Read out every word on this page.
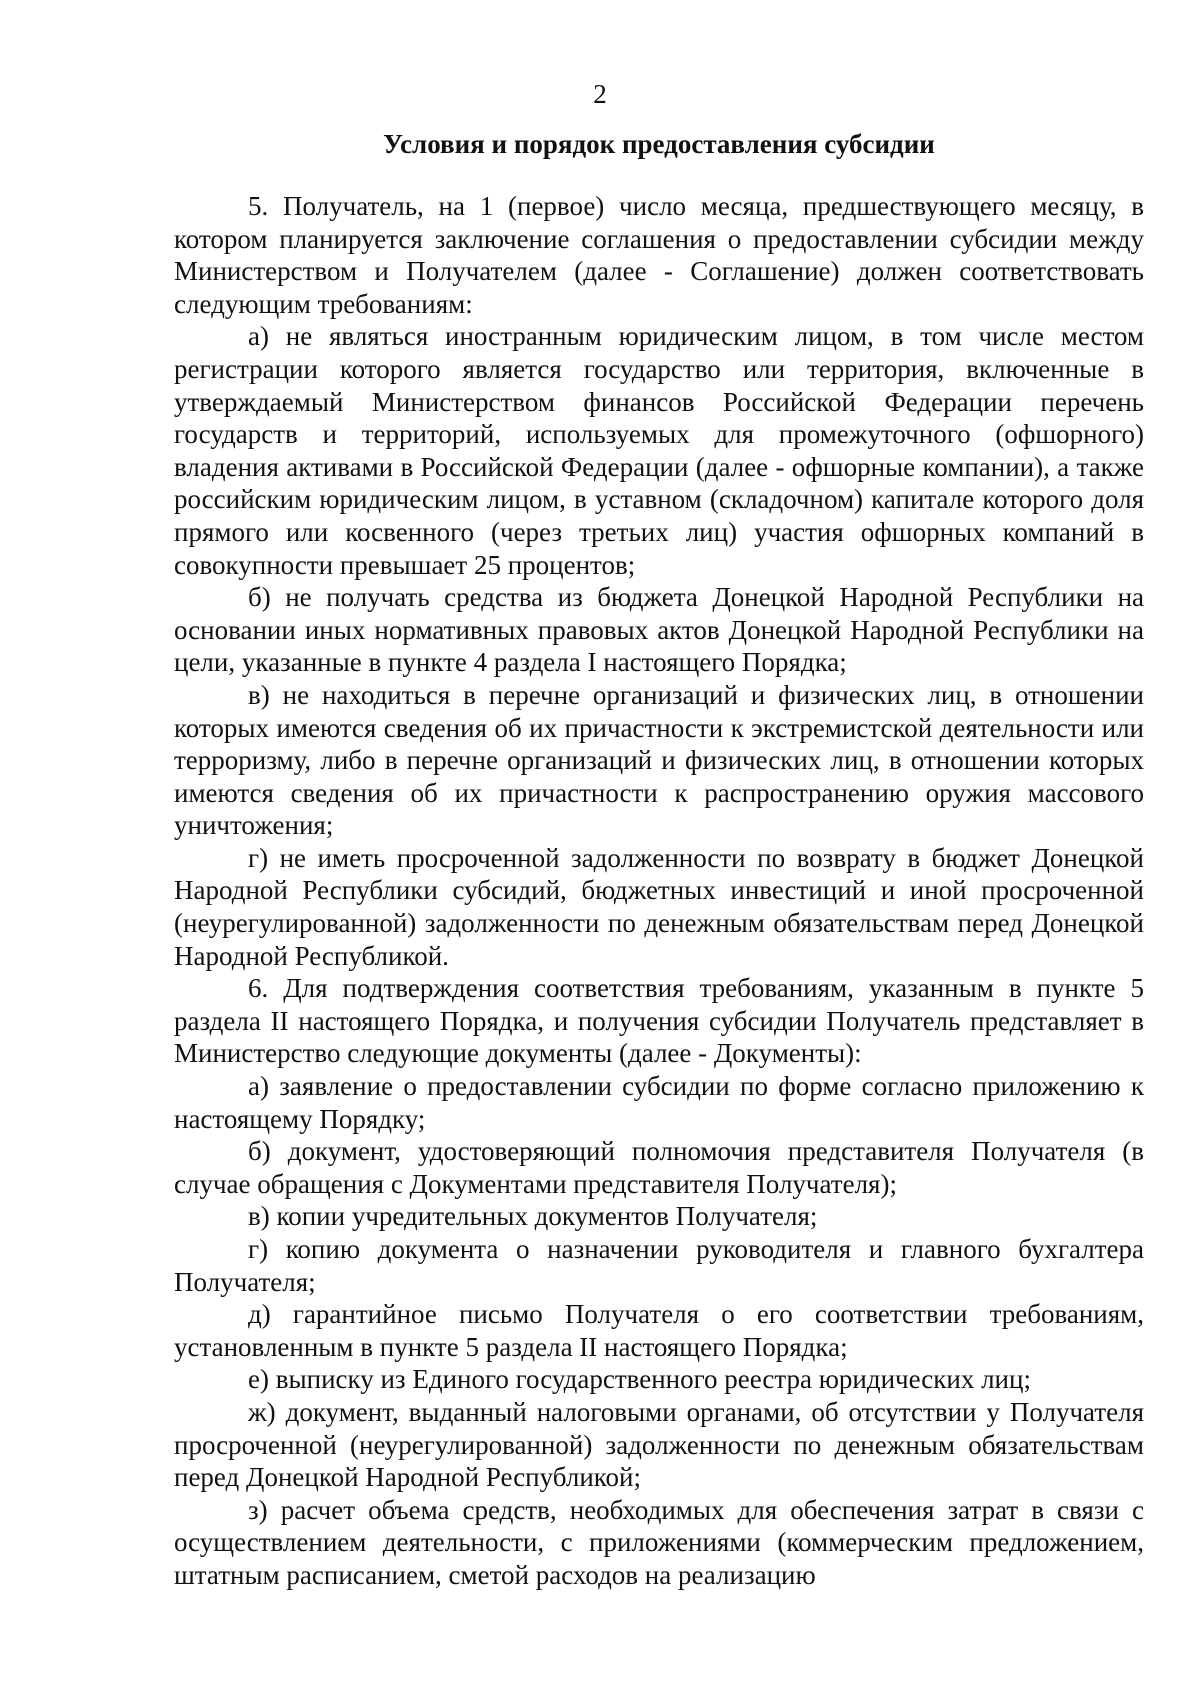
2
Условия и порядок предоставления субсидии

5. Получатель, на 1 (первое) число месяца, предшествующего месяцу, в котором планируется заключение соглашения о предоставлении субсидии между Министерством и Получателем (далее - Соглашение) должен соответствовать следующим требованиям:

а) не являться иностранным юридическим лицом, в том числе местом регистрации которого является государство или территория, включенные в утверждаемый Министерством финансов Российской Федерации перечень государств и территорий, используемых для промежуточного (офшорного) владения активами в Российской Федерации (далее - офшорные компании), а также российским юридическим лицом, в уставном (складочном) капитале которого доля прямого или косвенного (через третьих лиц) участия офшорных компаний в совокупности превышает 25 процентов;

б) не получать средства из бюджета Донецкой Народной Республики на основании иных нормативных правовых актов Донецкой Народной Республики на цели, указанные в пункте 4 раздела I настоящего Порядка;

в) не находиться в перечне организаций и физических лиц, в отношении которых имеются сведения об их причастности к экстремистской деятельности или терроризму, либо в перечне организаций и физических лиц, в отношении которых имеются сведения об их причастности к распространению оружия массового уничтожения;

г) не иметь просроченной задолженности по возврату в бюджет Донецкой Народной Республики субсидий, бюджетных инвестиций и иной просроченной (неурегулированной) задолженности по денежным обязательствам перед Донецкой Народной Республикой.

6. Для подтверждения соответствия требованиям, указанным в пункте 5 раздела II настоящего Порядка, и получения субсидии Получатель представляет в Министерство следующие документы (далее - Документы):

а) заявление о предоставлении субсидии по форме согласно приложению к настоящему Порядку;

б) документ, удостоверяющий полномочия представителя Получателя (в случае обращения с Документами представителя Получателя);

в) копии учредительных документов Получателя;

г) копию документа о назначении руководителя и главного бухгалтера Получателя;

д) гарантийное письмо Получателя о его соответствии требованиям, установленным в пункте 5 раздела II настоящего Порядка;

е) выписку из Единого государственного реестра юридических лиц;

ж) документ, выданный налоговыми органами, об отсутствии у Получателя просроченной (неурегулированной) задолженности по денежным обязательствам перед Донецкой Народной Республикой;

з) расчет объема средств, необходимых для обеспечения затрат в связи с осуществлением деятельности, с приложениями (коммерческим предложением, штатным расписанием, сметой расходов на реализацию
